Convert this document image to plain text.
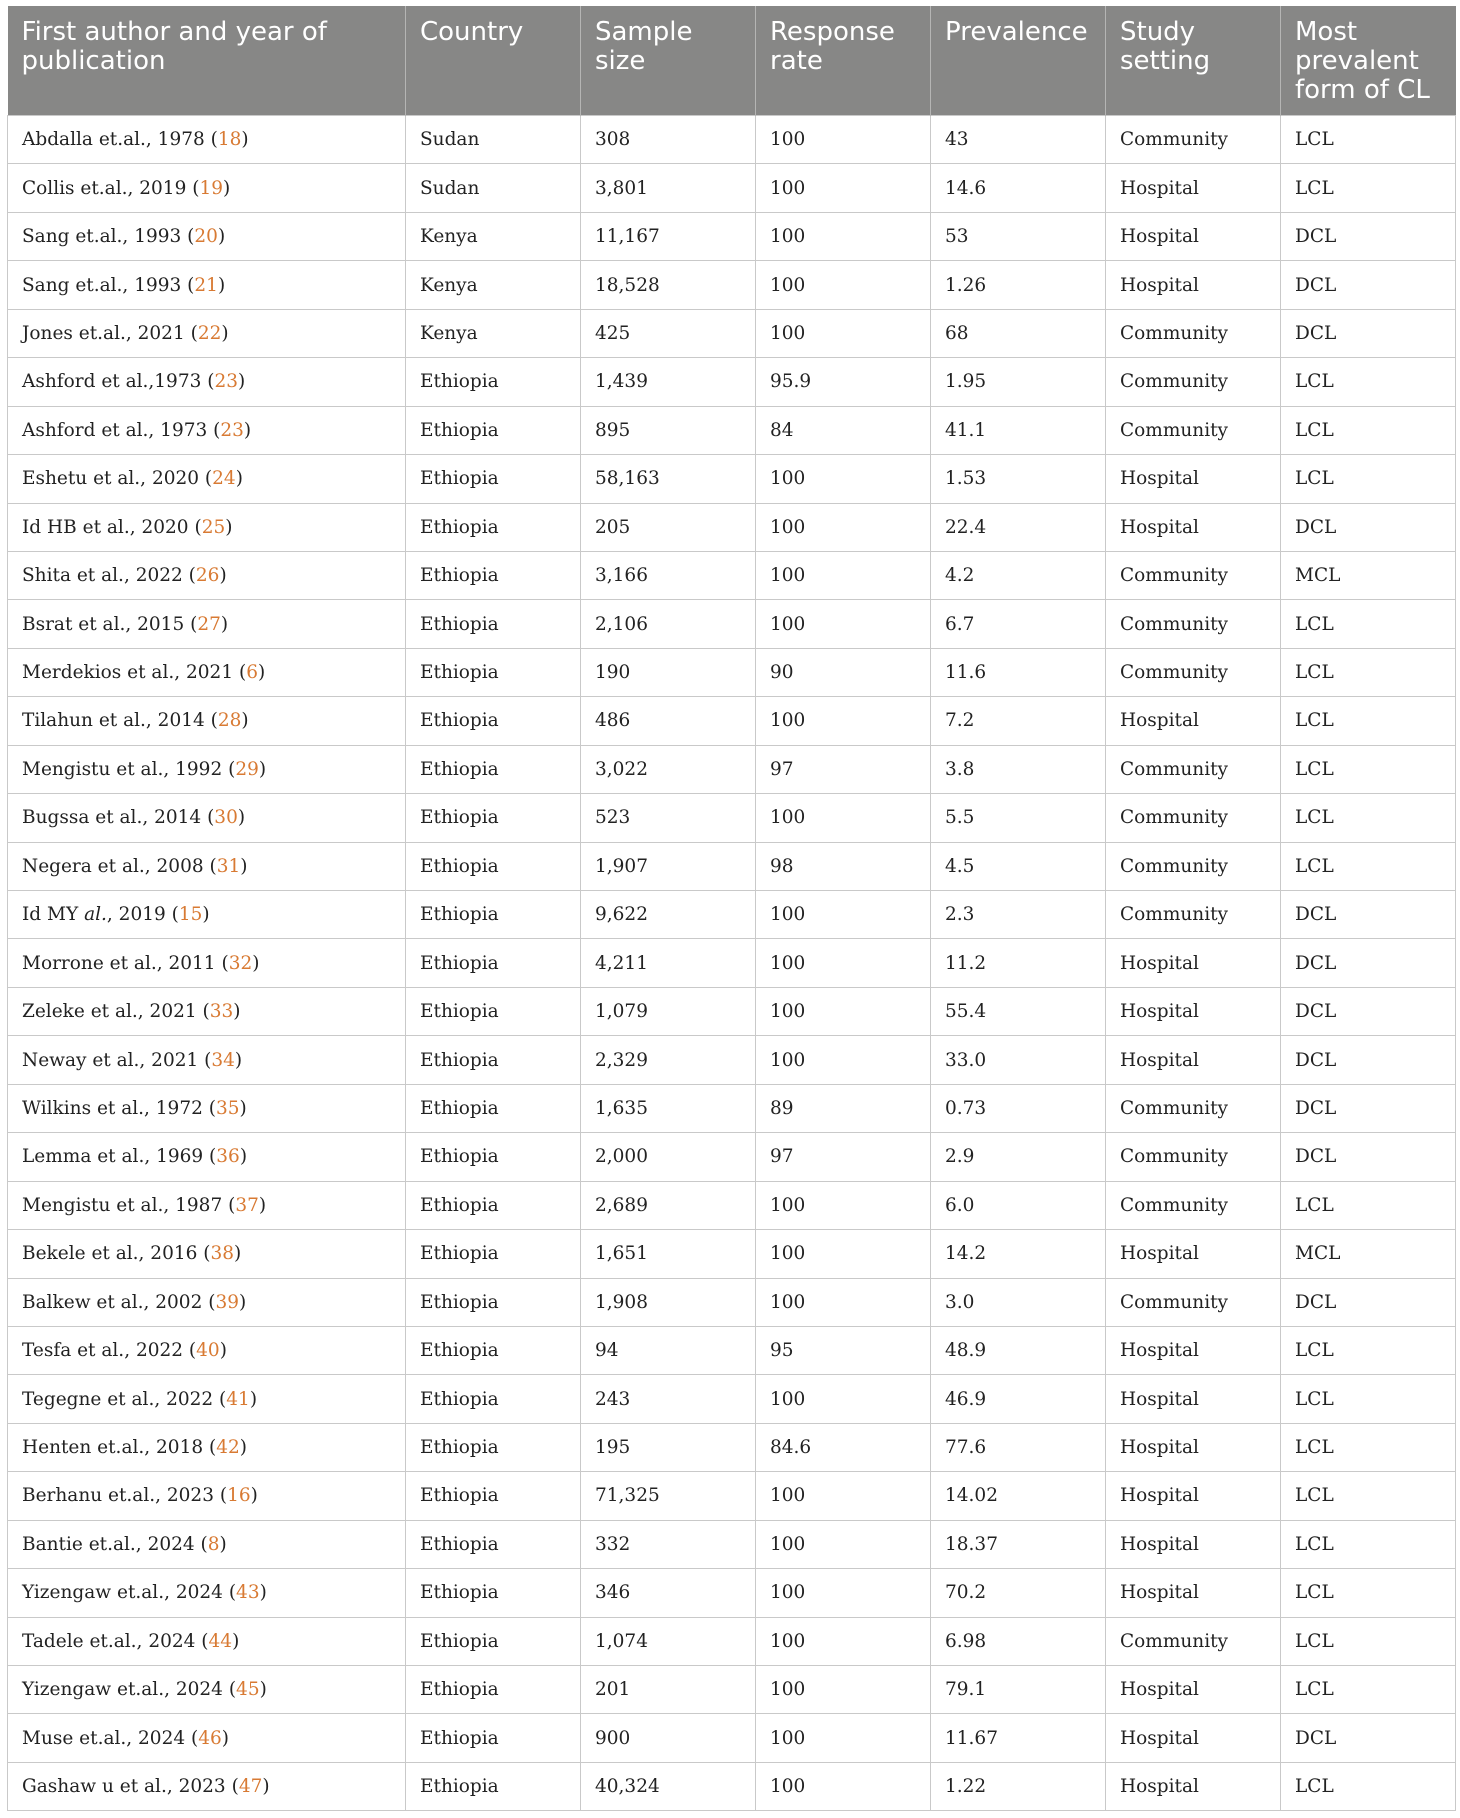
First author and year of publication	Country	Sample size	Response rate	Prevalence	Study setting	Most prevalent form of CL
Abdalla et.al., 1978 (18)	Sudan	308	100	43	Community	LCL
Collis et.al., 2019 (19)	Sudan	3,801	100	14.6	Hospital	LCL
Sang et.al., 1993 (20)	Kenya	11,167	100	53	Hospital	DCL
Sang et.al., 1993 (21)	Kenya	18,528	100	1.26	Hospital	DCL
Jones et.al., 2021 (22)	Kenya	425	100	68	Community	DCL
Ashford et al.,1973 (23)	Ethiopia	1,439	95.9	1.95	Community	LCL
Ashford et al., 1973 (23)	Ethiopia	895	84	41.1	Community	LCL
Eshetu et al., 2020 (24)	Ethiopia	58,163	100	1.53	Hospital	LCL
Id HB et al., 2020 (25)	Ethiopia	205	100	22.4	Hospital	DCL
Shita et al., 2022 (26)	Ethiopia	3,166	100	4.2	Community	MCL
Bsrat et al., 2015 (27)	Ethiopia	2,106	100	6.7	Community	LCL
Merdekios et al., 2021 (6)	Ethiopia	190	90	11.6	Community	LCL
Tilahun et al., 2014 (28)	Ethiopia	486	100	7.2	Hospital	LCL
Mengistu et al., 1992 (29)	Ethiopia	3,022	97	3.8	Community	LCL
Bugssa et al., 2014 (30)	Ethiopia	523	100	5.5	Community	LCL
Negera et al., 2008 (31)	Ethiopia	1,907	98	4.5	Community	LCL
Id MY al., 2019 (15)	Ethiopia	9,622	100	2.3	Community	DCL
Morrone et al., 2011 (32)	Ethiopia	4,211	100	11.2	Hospital	DCL
Zeleke et al., 2021 (33)	Ethiopia	1,079	100	55.4	Hospital	DCL
Neway et al., 2021 (34)	Ethiopia	2,329	100	33.0	Hospital	DCL
Wilkins et al., 1972 (35)	Ethiopia	1,635	89	0.73	Community	DCL
Lemma et al., 1969 (36)	Ethiopia	2,000	97	2.9	Community	DCL
Mengistu et al., 1987 (37)	Ethiopia	2,689	100	6.0	Community	LCL
Bekele et al., 2016 (38)	Ethiopia	1,651	100	14.2	Hospital	MCL
Balkew et al., 2002 (39)	Ethiopia	1,908	100	3.0	Community	DCL
Tesfa et al., 2022 (40)	Ethiopia	94	95	48.9	Hospital	LCL
Tegegne et al., 2022 (41)	Ethiopia	243	100	46.9	Hospital	LCL
Henten et.al., 2018 (42)	Ethiopia	195	84.6	77.6	Hospital	LCL
Berhanu et.al., 2023 (16)	Ethiopia	71,325	100	14.02	Hospital	LCL
Bantie et.al., 2024 (8)	Ethiopia	332	100	18.37	Hospital	LCL
Yizengaw et.al., 2024 (43)	Ethiopia	346	100	70.2	Hospital	LCL
Tadele et.al., 2024 (44)	Ethiopia	1,074	100	6.98	Community	LCL
Yizengaw et.al., 2024 (45)	Ethiopia	201	100	79.1	Hospital	LCL
Muse et.al., 2024 (46)	Ethiopia	900	100	11.67	Hospital	DCL
Gashaw u et al., 2023 (47)	Ethiopia	40,324	100	1.22	Hospital	LCL
